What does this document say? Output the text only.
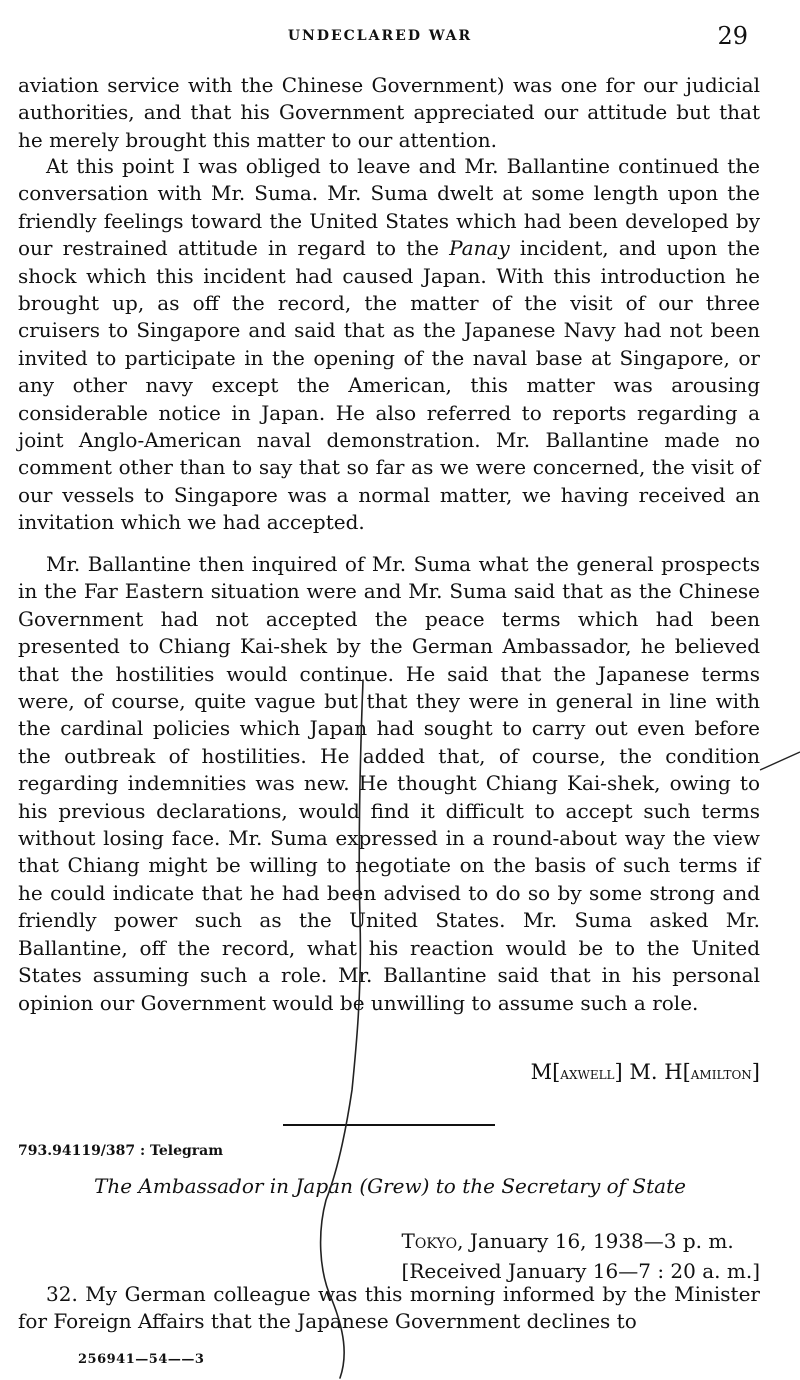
UNDECLARED WAR	29

aviation service with the Chinese Government) was one for our judicial authorities, and that his Government appreciated our attitude but that he merely brought this matter to our attention.

At this point I was obliged to leave and Mr. Ballantine continued the conversation with Mr. Suma. Mr. Suma dwelt at some length upon the friendly feelings toward the United States which had been developed by our restrained attitude in regard to the Panay incident, and upon the shock which this incident had caused Japan. With this introduction he brought up, as off the record, the matter of the visit of our three cruisers to Singapore and said that as the Japanese Navy had not been invited to participate in the opening of the naval base at Singapore, or any other navy except the American, this matter was arousing considerable notice in Japan. He also referred to reports regarding a joint Anglo-American naval demonstration. Mr. Ballantine made no comment other than to say that so far as we were concerned, the visit of our vessels to Singapore was a normal matter, we having received an invitation which we had accepted.

Mr. Ballantine then inquired of Mr. Suma what the general prospects in the Far Eastern situation were and Mr. Suma said that as the Chinese Government had not accepted the peace terms which had been presented to Chiang Kai-shek by the German Ambassador, he believed that the hostilities would continue. He said that the Japanese terms were, of course, quite vague but that they were in general in line with the cardinal policies which Japan had sought to carry out even before the outbreak of hostilities. He added that, of course, the condition regarding indemnities was new. He thought Chiang Kai-shek, owing to his previous declarations, would find it difficult to accept such terms without losing face. Mr. Suma expressed in a round-about way the view that Chiang might be willing to negotiate on the basis of such terms if he could indicate that he had been advised to do so by some strong and friendly power such as the United States. Mr. Suma asked Mr. Ballantine, off the record, what his reaction would be to the United States assuming such a role. Mr. Ballantine said that in his personal opinion our Government would be unwilling to assume such a role.

M[axwell] M. H[amilton]
793.94119/387 : Telegram
The Ambassador in Japan (Grew) to the Secretary of State
Tokyo, January 16, 1938—3 p. m.
[Received January 16—7 : 20 a. m.]

32. My German colleague was this morning informed by the Minister for Foreign Affairs that the Japanese Government declines to

256941—54——3
